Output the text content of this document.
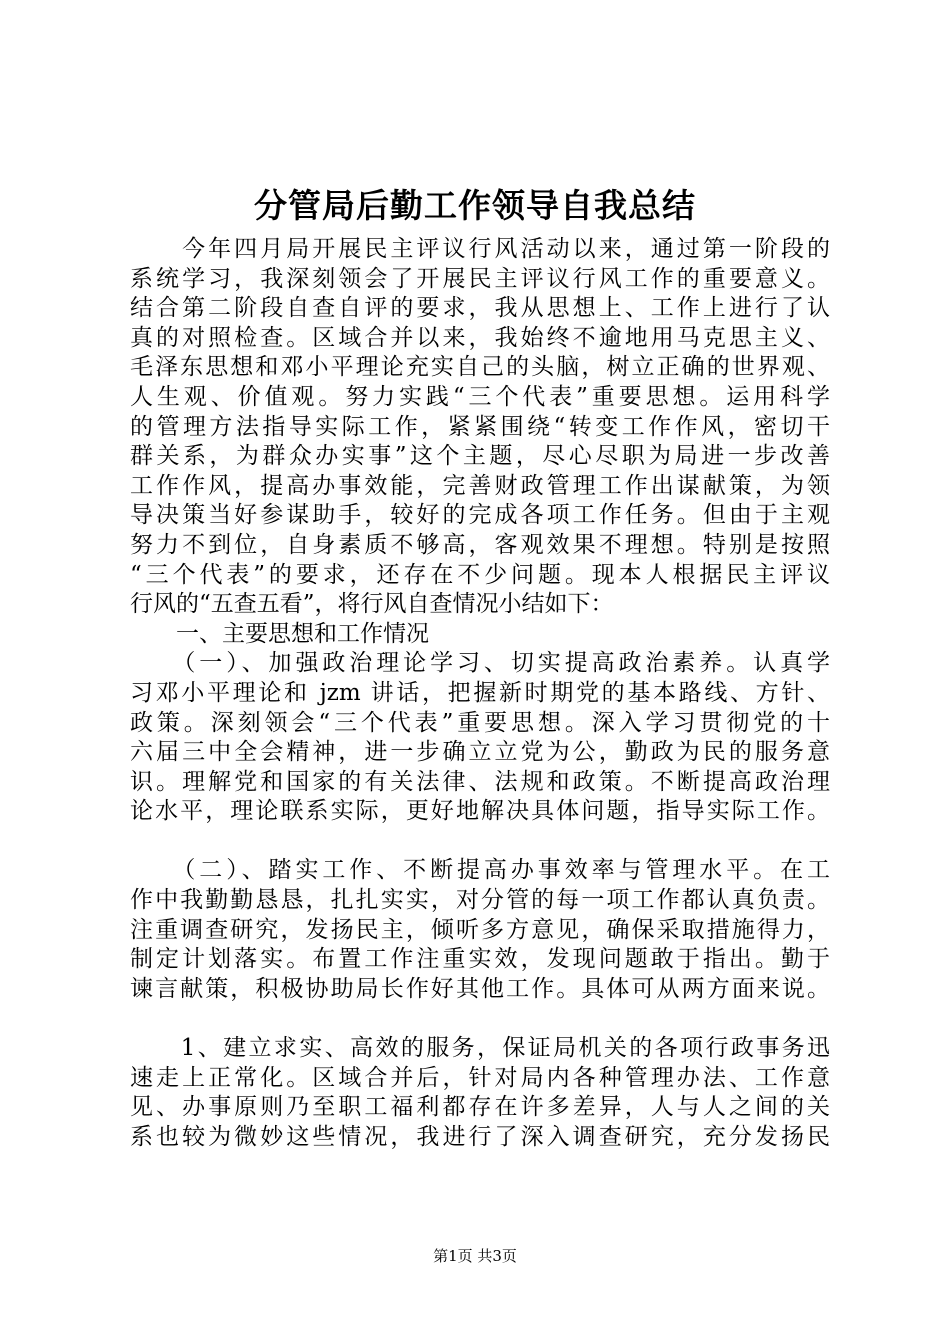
分管局后勤工作领导自我总结
　　今年四月局开展民主评议行风活动以来，通过第一阶段的
系统学习，我深刻领会了开展民主评议行风工作的重要意义。
结合第二阶段自查自评的要求，我从思想上、工作上进行了认
真的对照检查。区域合并以来，我始终不逾地用马克思主义、
毛泽东思想和邓小平理论充实自己的头脑，树立正确的世界观、
人生观、价值观。努力实践“三个代表”重要思想。运用科学
的管理方法指导实际工作，紧紧围绕“转变工作作风，密切干
群关系，为群众办实事”这个主题，尽心尽职为局进一步改善
工作作风，提高办事效能，完善财政管理工作出谋献策，为领
导决策当好参谋助手，较好的完成各项工作任务。但由于主观
努力不到位，自身素质不够高，客观效果不理想。特别是按照
“三个代表”的要求，还存在不少问题。现本人根据民主评议
行风的“五查五看”，将行风自查情况小结如下：
　　一、主要思想和工作情况
　　（一）、加强政治理论学习、切实提高政治素养。认真学
习邓小平理论和 jzm 讲话，把握新时期党的基本路线、方针、
政策。深刻领会“三个代表”重要思想。深入学习贯彻党的十
六届三中全会精神，进一步确立立党为公，勤政为民的服务意
识。理解党和国家的有关法律、法规和政策。不断提高政治理
论水平，理论联系实际，更好地解决具体问题，指导实际工作。
　　（二）、踏实工作、不断提高办事效率与管理水平。在工
作中我勤勤恳恳，扎扎实实，对分管的每一项工作都认真负责。
注重调查研究，发扬民主，倾听多方意见，确保采取措施得力，
制定计划落实。布置工作注重实效，发现问题敢于指出。勤于
谏言献策，积极协助局长作好其他工作。具体可从两方面来说。
　　1、建立求实、高效的服务，保证局机关的各项行政事务迅
速走上正常化。区域合并后，针对局内各种管理办法、工作意
见、办事原则乃至职工福利都存在许多差异，人与人之间的关
系也较为微妙这些情况，我进行了深入调查研究，充分发扬民
第1页 共3页
